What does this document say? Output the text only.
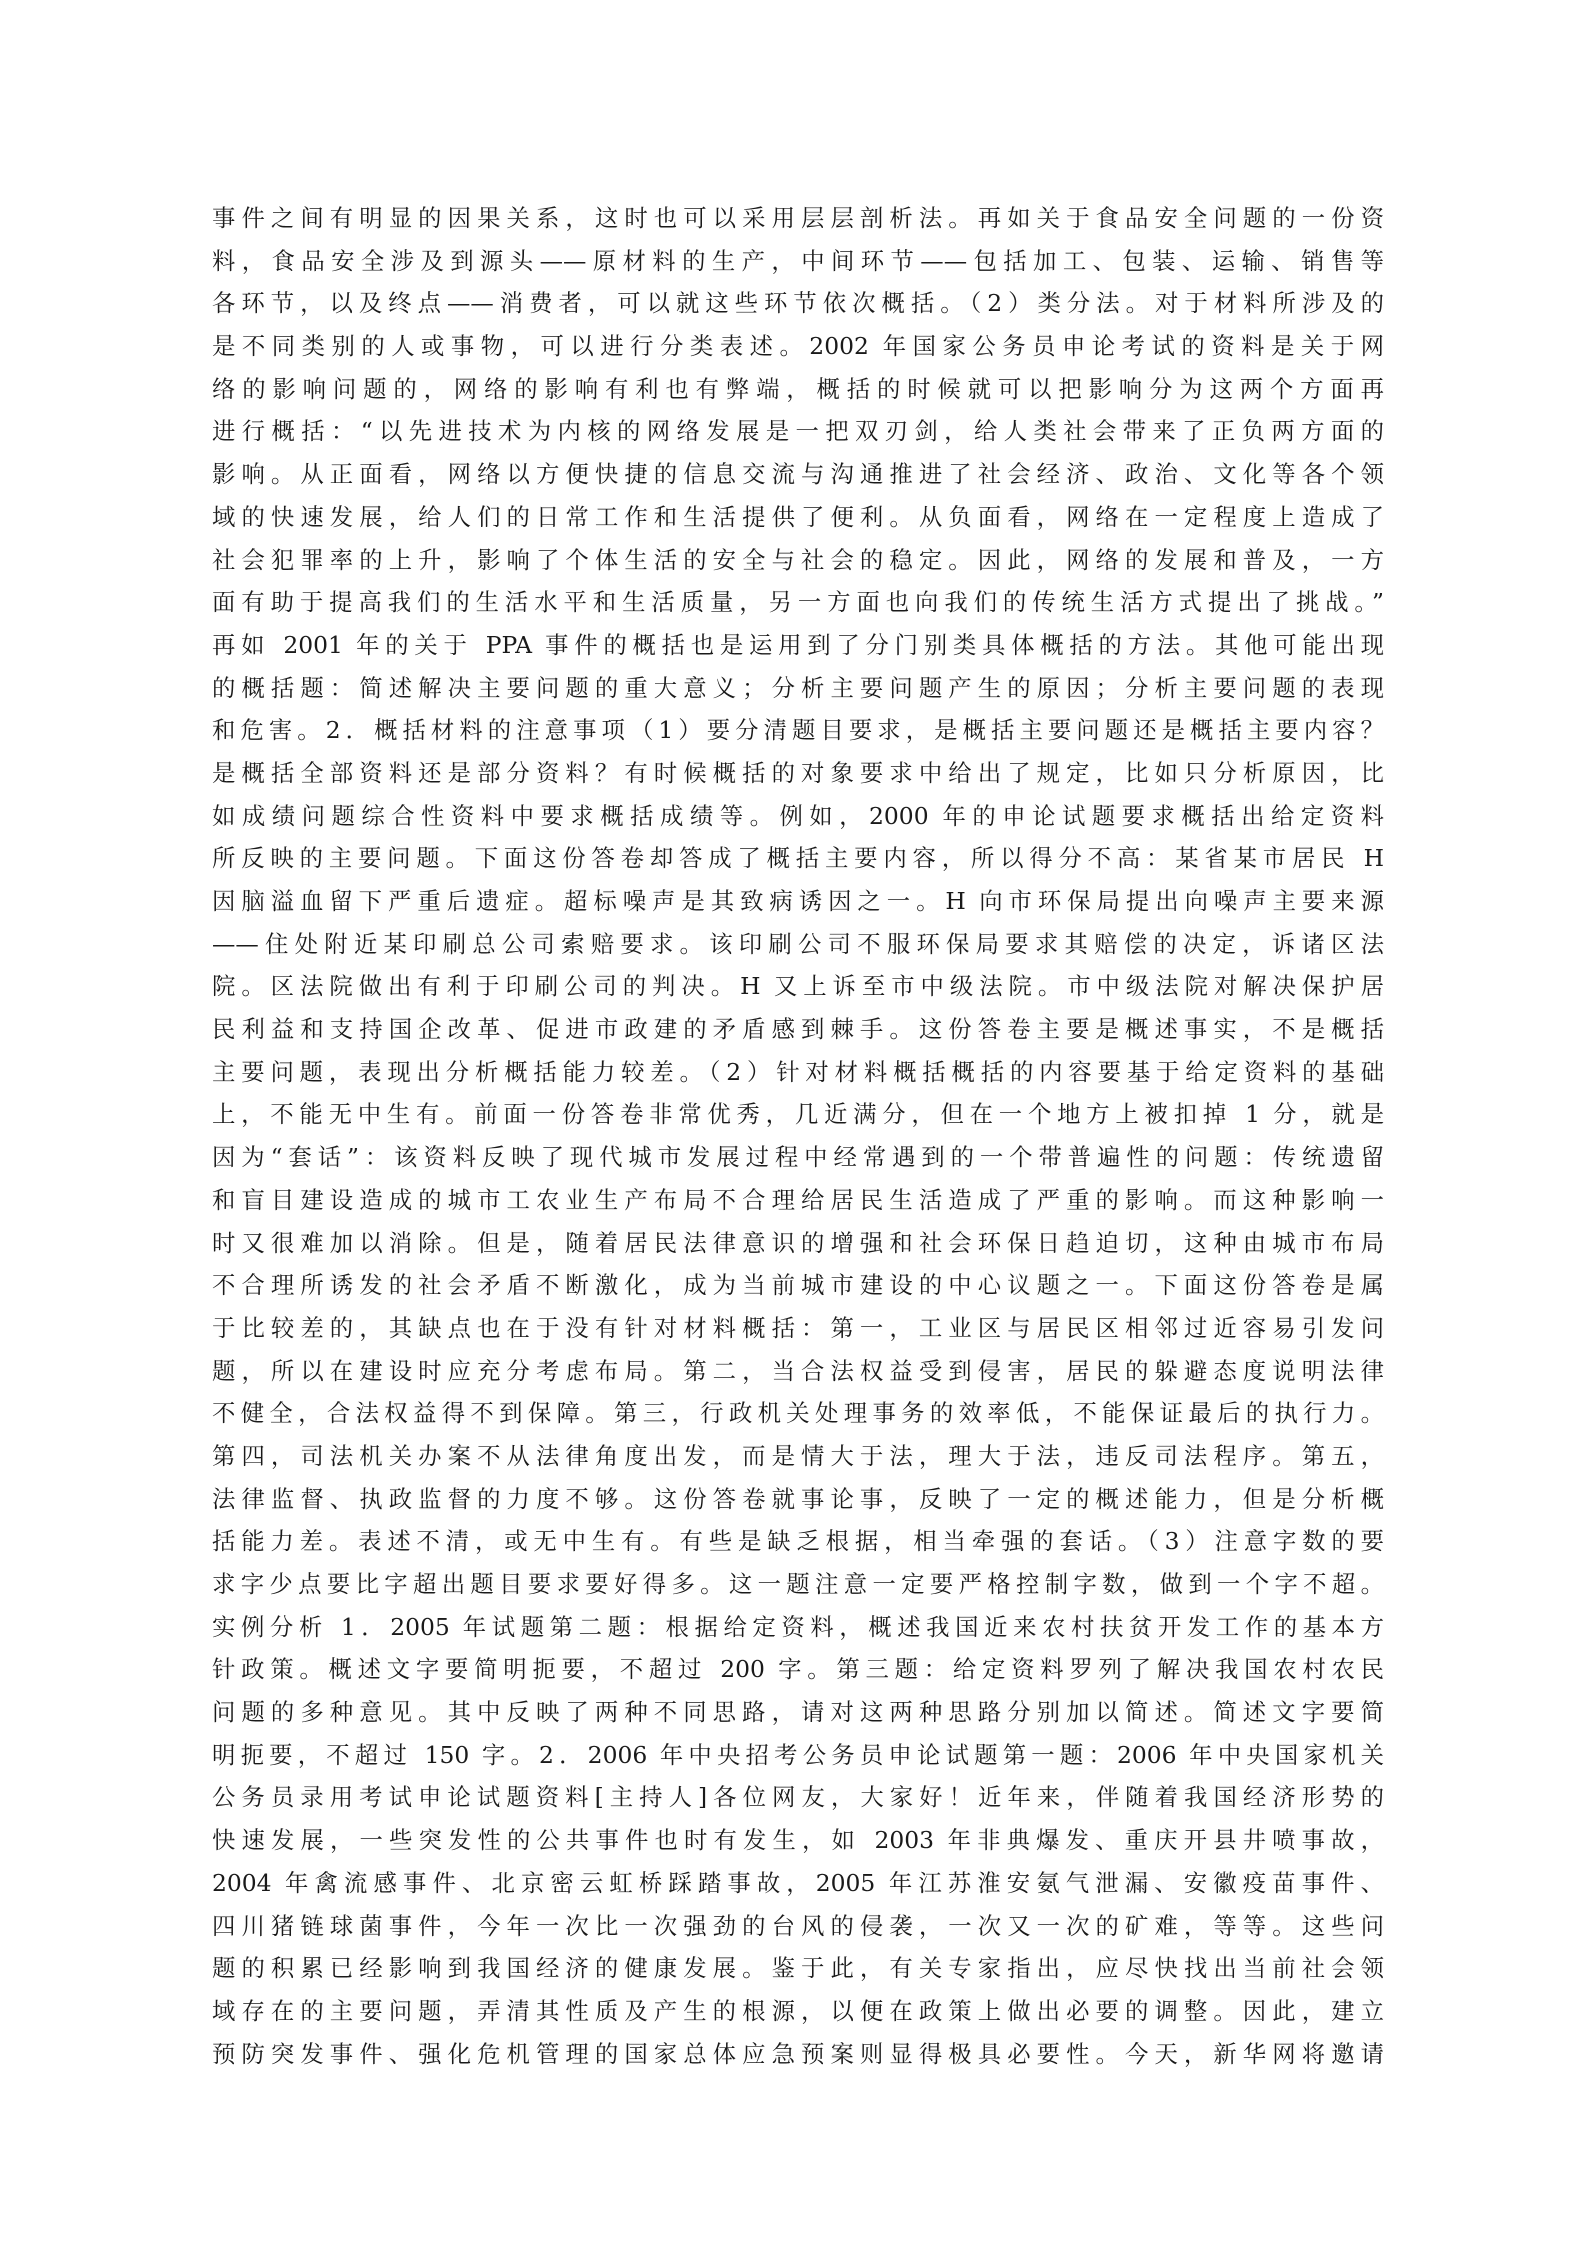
事件之间有明显的因果关系，这时也可以采用层层剖析法。再如关于食品安全问题的一份资
料，食品安全涉及到源头——原材料的生产，中间环节——包括加工、包装、运输、销售等
各环节，以及终点——消费者，可以就这些环节依次概括。（2）类分法。对于材料所涉及的
是不同类别的人或事物，可以进行分类表述。2002 年国家公务员申论考试的资料是关于网
络的影响问题的，网络的影响有利也有弊端，概括的时候就可以把影响分为这两个方面再
进行概括：“以先进技术为内核的网络发展是一把双刃剑，给人类社会带来了正负两方面的
影响。从正面看，网络以方便快捷的信息交流与沟通推进了社会经济、政治、文化等各个领
域的快速发展，给人们的日常工作和生活提供了便利。从负面看，网络在一定程度上造成了
社会犯罪率的上升，影响了个体生活的安全与社会的稳定。因此，网络的发展和普及，一方
面有助于提高我们的生活水平和生活质量，另一方面也向我们的传统生活方式提出了挑战。”
再如 2001 年的关于 PPA 事件的概括也是运用到了分门别类具体概括的方法。其他可能出现
的概括题：简述解决主要问题的重大意义；分析主要问题产生的原因；分析主要问题的表现
和危害。2．概括材料的注意事项（1）要分清题目要求，是概括主要问题还是概括主要内容？
是概括全部资料还是部分资料？有时候概括的对象要求中给出了规定，比如只分析原因，比
如成绩问题综合性资料中要求概括成绩等。例如，2000 年的申论试题要求概括出给定资料
所反映的主要问题。下面这份答卷却答成了概括主要内容，所以得分不高：某省某市居民 H
因脑溢血留下严重后遗症。超标噪声是其致病诱因之一。H 向市环保局提出向噪声主要来源
——住处附近某印刷总公司索赔要求。该印刷公司不服环保局要求其赔偿的决定，诉诸区法
院。区法院做出有利于印刷公司的判决。H 又上诉至市中级法院。市中级法院对解决保护居
民利益和支持国企改革、促进市政建的矛盾感到棘手。这份答卷主要是概述事实，不是概括
主要问题，表现出分析概括能力较差。（2）针对材料概括概括的内容要基于给定资料的基础
上，不能无中生有。前面一份答卷非常优秀，几近满分，但在一个地方上被扣掉 1 分，就是
因为“套话”：该资料反映了现代城市发展过程中经常遇到的一个带普遍性的问题：传统遗留
和盲目建设造成的城市工农业生产布局不合理给居民生活造成了严重的影响。而这种影响一
时又很难加以消除。但是，随着居民法律意识的增强和社会环保日趋迫切，这种由城市布局
不合理所诱发的社会矛盾不断激化，成为当前城市建设的中心议题之一。下面这份答卷是属
于比较差的，其缺点也在于没有针对材料概括：第一，工业区与居民区相邻过近容易引发问
题，所以在建设时应充分考虑布局。第二，当合法权益受到侵害，居民的躲避态度说明法律
不健全，合法权益得不到保障。第三，行政机关处理事务的效率低，不能保证最后的执行力。
第四，司法机关办案不从法律角度出发，而是情大于法，理大于法，违反司法程序。第五，
法律监督、执政监督的力度不够。这份答卷就事论事，反映了一定的概述能力，但是分析概
括能力差。表述不清，或无中生有。有些是缺乏根据，相当牵强的套话。（3）注意字数的要
求字少点要比字超出题目要求要好得多。这一题注意一定要严格控制字数，做到一个字不超。
实例分析 1．2005 年试题第二题：根据给定资料，概述我国近来农村扶贫开发工作的基本方
针政策。概述文字要简明扼要，不超过 200 字。第三题：给定资料罗列了解决我国农村农民
问题的多种意见。其中反映了两种不同思路，请对这两种思路分别加以简述。简述文字要简
明扼要，不超过 150 字。2．2006 年中央招考公务员申论试题第一题：2006 年中央国家机关
公务员录用考试申论试题资料[主持人]各位网友，大家好！近年来，伴随着我国经济形势的
快速发展，一些突发性的公共事件也时有发生，如 2003 年非典爆发、重庆开县井喷事故，
2004 年禽流感事件、北京密云虹桥踩踏事故，2005 年江苏淮安氨气泄漏、安徽疫苗事件、
四川猪链球菌事件，今年一次比一次强劲的台风的侵袭，一次又一次的矿难，等等。这些问
题的积累已经影响到我国经济的健康发展。鉴于此，有关专家指出，应尽快找出当前社会领
域存在的主要问题，弄清其性质及产生的根源，以便在政策上做出必要的调整。因此，建立
预防突发事件、强化危机管理的国家总体应急预案则显得极具必要性。今天，新华网将邀请
